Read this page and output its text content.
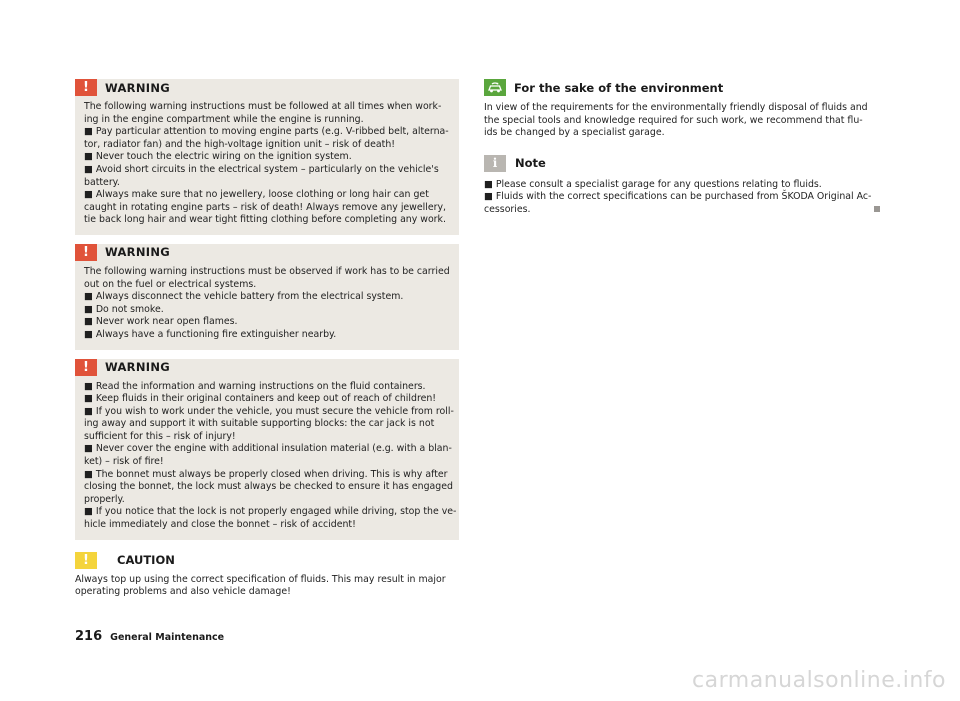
!	WARNING
The following warning instructions must be followed at all times when work-
ing in the engine compartment while the engine is running.
■ Pay particular attention to moving engine parts (e.g. V-ribbed belt, alterna-
tor, radiator fan) and the high-voltage ignition unit – risk of death!
■ Never touch the electric wiring on the ignition system.
■ Avoid short circuits in the electrical system – particularly on the vehicle's
battery.
■ Always make sure that no jewellery, loose clothing or long hair can get
caught in rotating engine parts – risk of death! Always remove any jewellery,
tie back long hair and wear tight fitting clothing before completing any work.
!	WARNING
The following warning instructions must be observed if work has to be carried
out on the fuel or electrical systems.
■ Always disconnect the vehicle battery from the electrical system.
■ Do not smoke.
■ Never work near open flames.
■ Always have a functioning fire extinguisher nearby.
!	WARNING
■ Read the information and warning instructions on the fluid containers.
■ Keep fluids in their original containers and keep out of reach of children!
■ If you wish to work under the vehicle, you must secure the vehicle from roll-
ing away and support it with suitable supporting blocks: the car jack is not
sufficient for this – risk of injury!
■ Never cover the engine with additional insulation material (e.g. with a blan-
ket) – risk of fire!
■ The bonnet must always be properly closed when driving. This is why after
closing the bonnet, the lock must always be checked to ensure it has engaged
properly.
■ If you notice that the lock is not properly engaged while driving, stop the ve-
hicle immediately and close the bonnet – risk of accident!
!	CAUTION
Always top up using the correct specification of fluids. This may result in major
operating problems and also vehicle damage!
For the sake of the environment
In view of the requirements for the environmentally friendly disposal of fluids and
the special tools and knowledge required for such work, we recommend that flu-
ids be changed by a specialist garage.
i	Note
■ Please consult a specialist garage for any questions relating to fluids.
■ Fluids with the correct specifications can be purchased from ŠKODA Original Ac-
cessories.
216 General Maintenance
carmanualsonline.info
